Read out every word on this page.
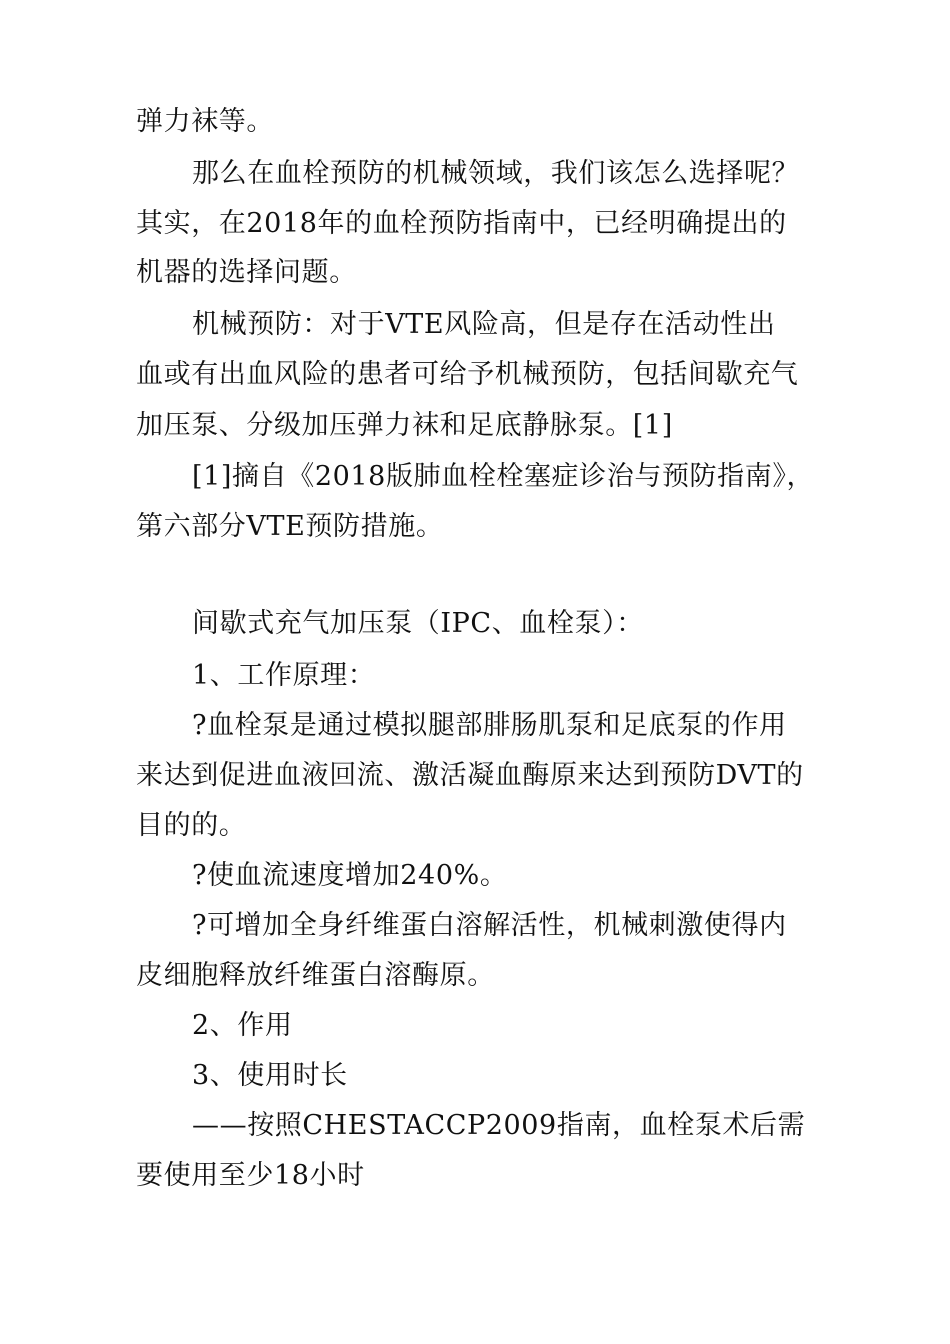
弹力袜等。

那么在血栓预防的机械领域，我们该怎么选择呢？

其实，在2018年的血栓预防指南中，已经明确提出的

机器的选择问题。

机械预防：对于VTE风险高，但是存在活动性出

血或有出血风险的患者可给予机械预防，包括间歇充气

加压泵、分级加压弹力袜和足底静脉泵。[1]

[1]摘自《2018版肺血栓栓塞症诊治与预防指南》，

第六部分VTE预防措施。

间歇式充气加压泵（IPC、血栓泵）：

1、工作原理：

?血栓泵是通过模拟腿部腓肠肌泵和足底泵的作用

来达到促进血液回流、激活凝血酶原来达到预防DVT的

目的的。

?使血流速度增加240%。

?可增加全身纤维蛋白溶解活性，机械刺激使得内

皮细胞释放纤维蛋白溶酶原。

2、作用

3、使用时长

——按照CHESTACCP2009指南，血栓泵术后需

要使用至少18小时
